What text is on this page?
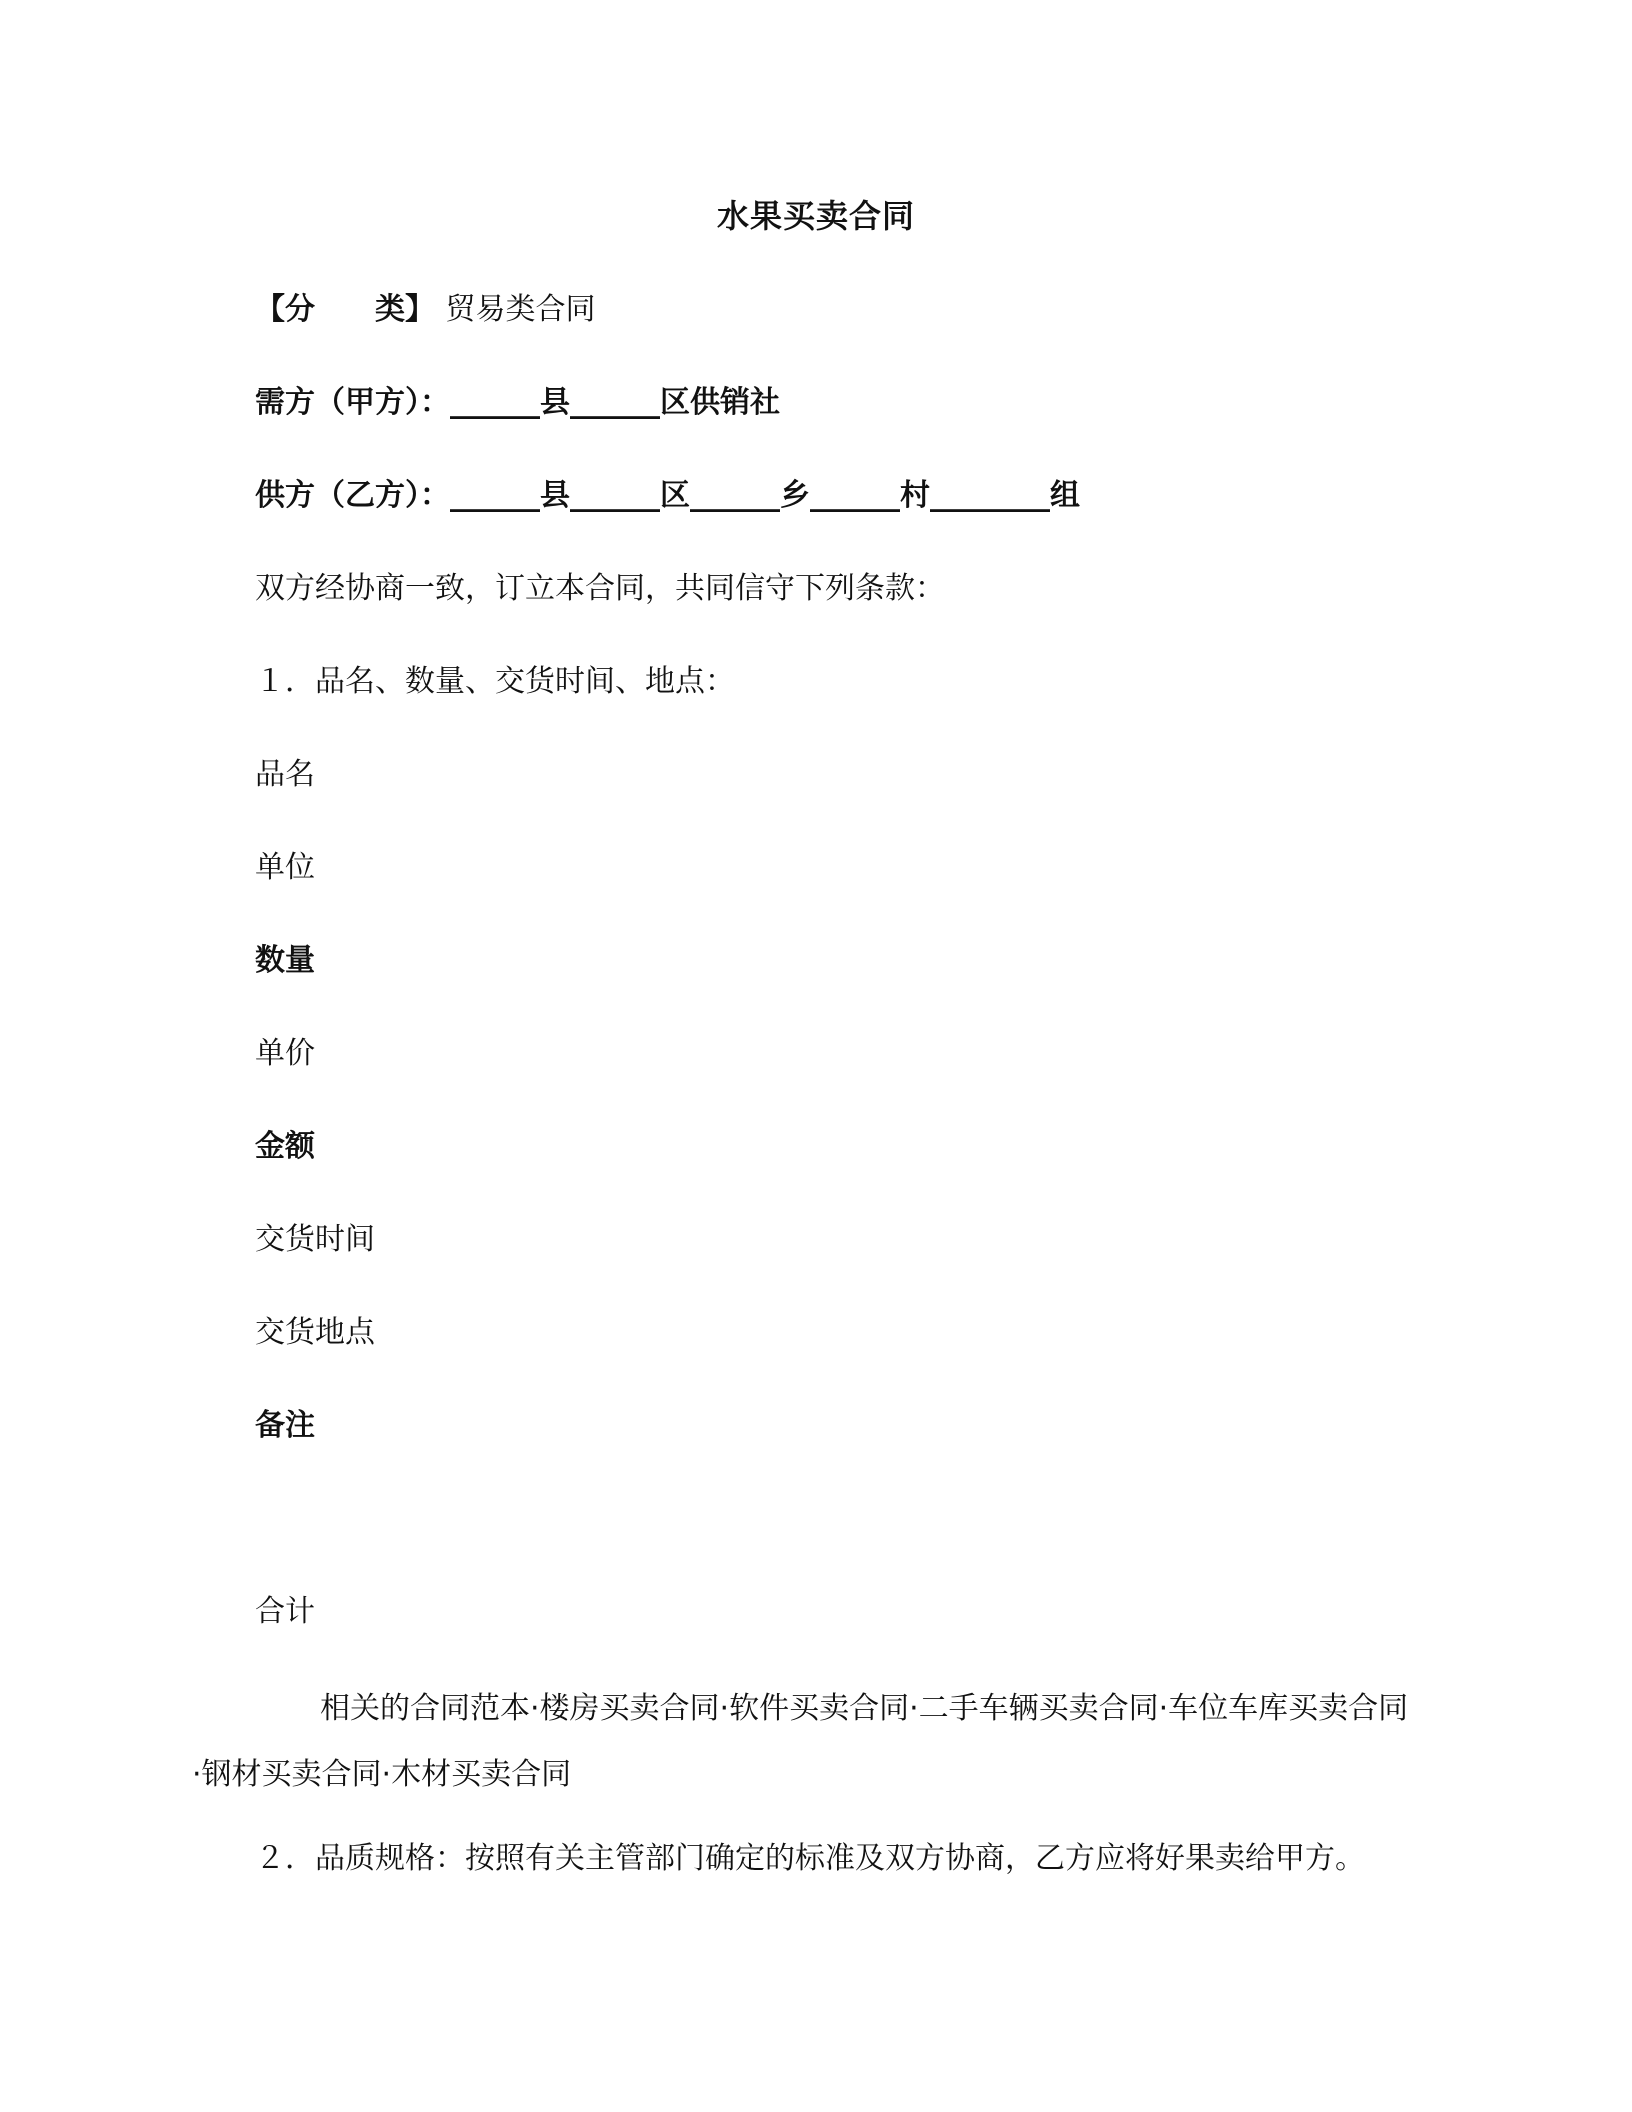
水果买卖合同
【分 类】 贸易类合同
需方（甲方）：______县______区供销社
供方（乙方）：______县______区______乡______村________组
双方经协商一致，订立本合同，共同信守下列条款：
１．品名、数量、交货时间、地点：
品名
单位
数量
单价
金额
交货时间
交货地点
备注
合计
相关的合同范本·楼房买卖合同·软件买卖合同·二手车辆买卖合同·车位车库买卖合同·钢材买卖合同·木材买卖合同
２．品质规格：按照有关主管部门确定的标准及双方协商，乙方应将好果卖给甲方。
